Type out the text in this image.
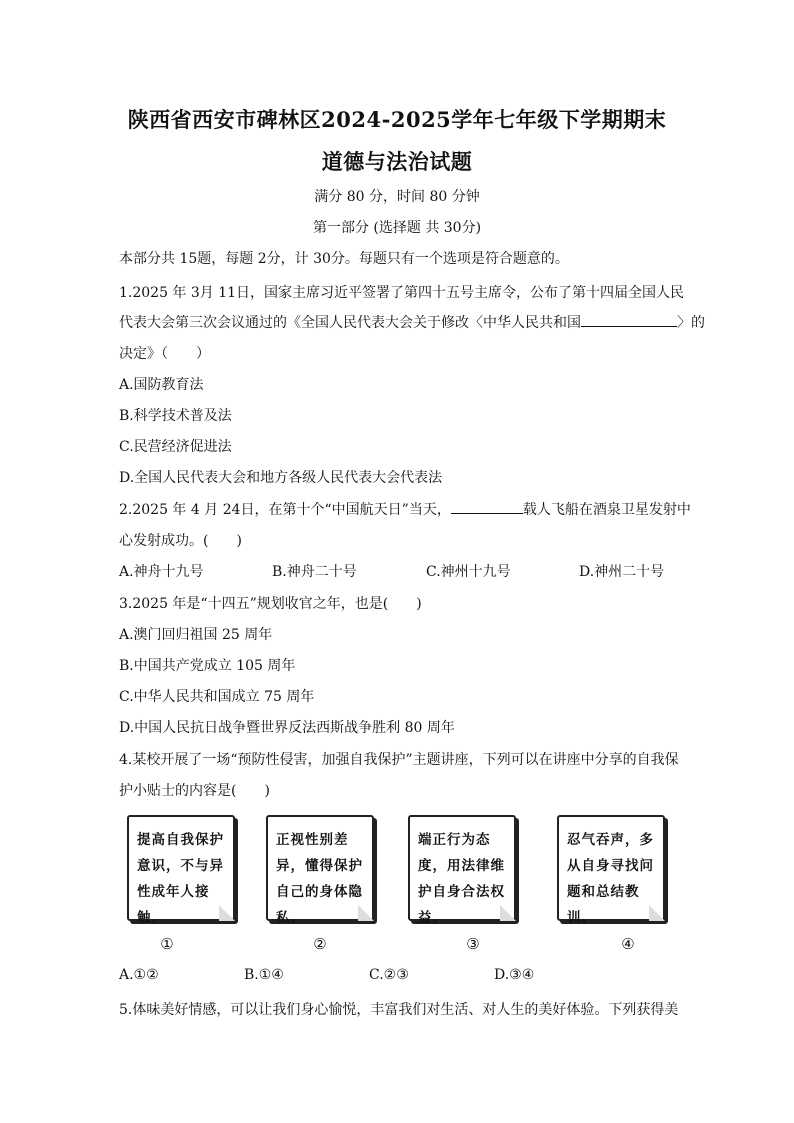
陕西省西安市碑林区2024-2025学年七年级下学期期末
道德与法治试题
满分 80 分，时间 80 分钟
第一部分 (选择题 共 30分)
本部分共 15题，每题 2分，计 30分。每题只有一个选项是符合题意的。
1.2025 年 3月 11日，国家主席习近平签署了第四十五号主席令，公布了第十四届全国人民
代表大会第三次会议通过的《全国人民代表大会关于修改〈中华人民共和国	〉的
决定》（　　）
A.国防教育法
B.科学技术普及法
C.民营经济促进法
D.全国人民代表大会和地方各级人民代表大会代表法
2.2025 年 4 月 24日，在第十个“中国航天日”当天，	载人飞船在酒泉卫星发射中
心发射成功。(　　)
A.神舟十九号	B.神舟二十号	C.神州十九号	D.神州二十号
3.2025 年是“十四五”规划收官之年，也是(　　)
A.澳门回归祖国 25 周年
B.中国共产党成立 105 周年
C.中华人民共和国成立 75 周年
D.中国人民抗日战争暨世界反法西斯战争胜利 80 周年
4.某校开展了一场“预防性侵害，加强自我保护”主题讲座，下列可以在讲座中分享的自我保
护小贴士的内容是(　　)
提高自我保护意识，不与异性成年人接触。
正视性别差异，懂得保护自己的身体隐私。
端正行为态度，用法律维护自身合法权益。
忍气吞声，多从自身寻找问题和总结教训。
①	②	③	④
A.①②	B.①④	C.②③	D.③④
5.体味美好情感，可以让我们身心愉悦，丰富我们对生活、对人生的美好体验。下列获得美
